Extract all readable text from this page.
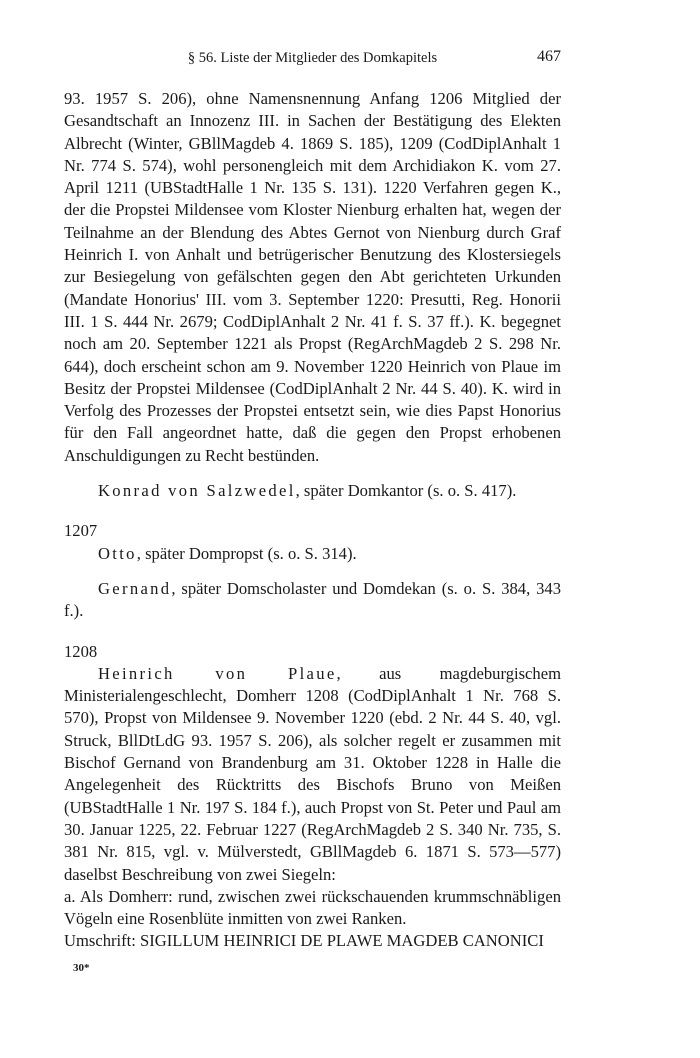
§ 56. Liste der Mitglieder des Domkapitels	467

93. 1957 S. 206), ohne Namensnennung Anfang 1206 Mitglied der Gesandtschaft an Innozenz III. in Sachen der Bestätigung des Elekten Albrecht (Winter, GBllMagdeb 4. 1869 S. 185), 1209 (CodDiplAnhalt 1 Nr. 774 S. 574), wohl personengleich mit dem Archidiakon K. vom 27. April 1211 (UBStadtHalle 1 Nr. 135 S. 131). 1220 Verfahren gegen K., der die Propstei Mildensee vom Kloster Nienburg erhalten hat, wegen der Teilnahme an der Blendung des Abtes Gernot von Nienburg durch Graf Heinrich I. von Anhalt und betrügerischer Benutzung des Klostersiegels zur Besiegelung von gefälschten gegen den Abt gerichteten Urkunden (Mandate Honorius' III. vom 3. September 1220: Presutti, Reg. Honorii III. 1 S. 444 Nr. 2679; CodDiplAnhalt 2 Nr. 41 f. S. 37 ff.). K. begegnet noch am 20. September 1221 als Propst (RegArchMagdeb 2 S. 298 Nr. 644), doch erscheint schon am 9. November 1220 Heinrich von Plaue im Besitz der Propstei Mildensee (CodDiplAnhalt 2 Nr. 44 S. 40). K. wird in Verfolg des Prozesses der Propstei entsetzt sein, wie dies Papst Honorius für den Fall angeordnet hatte, daß die gegen den Propst erhobenen Anschuldigungen zu Recht bestünden.

Konrad von Salzwedel, später Domkantor (s. o. S. 417).

1207

Otto, später Dompropst (s. o. S. 314).

Gernand, später Domscholaster und Domdekan (s. o. S. 384, 343 f.).

1208

Heinrich von Plaue, aus magdeburgischem Ministerialengeschlecht, Domherr 1208 (CodDiplAnhalt 1 Nr. 768 S. 570), Propst von Mildensee 9. November 1220 (ebd. 2 Nr. 44 S. 40, vgl. Struck, BllDtLdG 93. 1957 S. 206), als solcher regelt er zusammen mit Bischof Gernand von Brandenburg am 31. Oktober 1228 in Halle die Angelegenheit des Rücktritts des Bischofs Bruno von Meißen (UBStadtHalle 1 Nr. 197 S. 184 f.), auch Propst von St. Peter und Paul am 30. Januar 1225, 22. Februar 1227 (RegArchMagdeb 2 S. 340 Nr. 735, S. 381 Nr. 815, vgl. v. Mülverstedt, GBllMagdeb 6. 1871 S. 573—577) daselbst Beschreibung von zwei Siegeln:

a. Als Domherr: rund, zwischen zwei rückschauenden krummschnäbligen Vögeln eine Rosenblüte inmitten von zwei Ranken.

Umschrift: SIGILLUM HEINRICI DE PLAWE MAGDEB CANONICI

30*
